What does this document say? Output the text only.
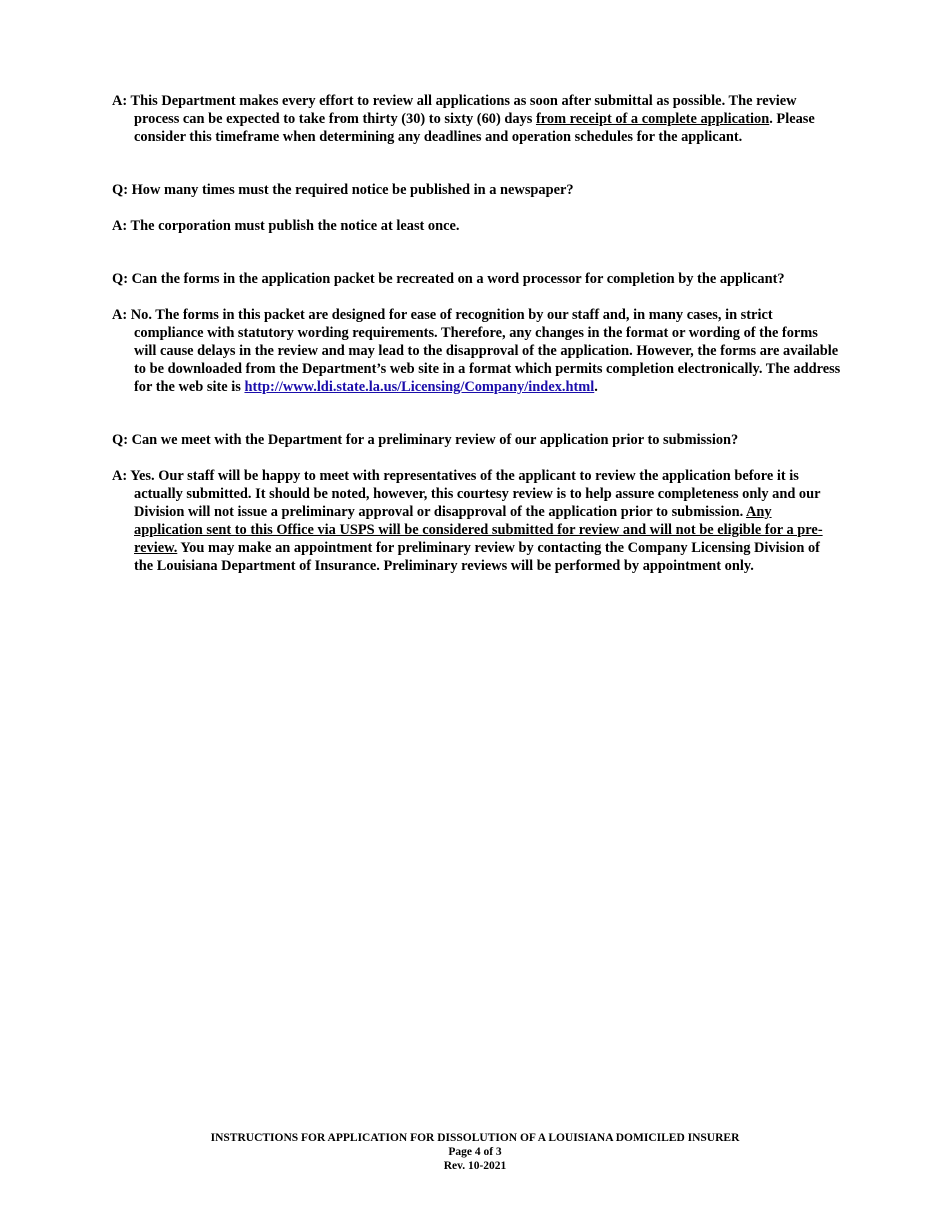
A: This Department makes every effort to review all applications as soon after submittal as possible. The review process can be expected to take from thirty (30) to sixty (60) days from receipt of a complete application. Please consider this timeframe when determining any deadlines and operation schedules for the applicant.

Q: How many times must the required notice be published in a newspaper?

A: The corporation must publish the notice at least once.

Q: Can the forms in the application packet be recreated on a word processor for completion by the applicant?

A: No. The forms in this packet are designed for ease of recognition by our staff and, in many cases, in strict compliance with statutory wording requirements. Therefore, any changes in the format or wording of the forms will cause delays in the review and may lead to the disapproval of the application. However, the forms are available to be downloaded from the Department’s web site in a format which permits completion electronically. The address for the web site is http://www.ldi.state.la.us/Licensing/Company/index.html.

Q: Can we meet with the Department for a preliminary review of our application prior to submission?

A: Yes. Our staff will be happy to meet with representatives of the applicant to review the application before it is actually submitted. It should be noted, however, this courtesy review is to help assure completeness only and our Division will not issue a preliminary approval or disapproval of the application prior to submission. Any application sent to this Office via USPS will be considered submitted for review and will not be eligible for a pre-review. You may make an appointment for preliminary review by contacting the Company Licensing Division of the Louisiana Department of Insurance. Preliminary reviews will be performed by appointment only.

INSTRUCTIONS FOR APPLICATION FOR DISSOLUTION OF A LOUISIANA DOMICILED INSURER
Page 4 of 3
Rev. 10-2021
